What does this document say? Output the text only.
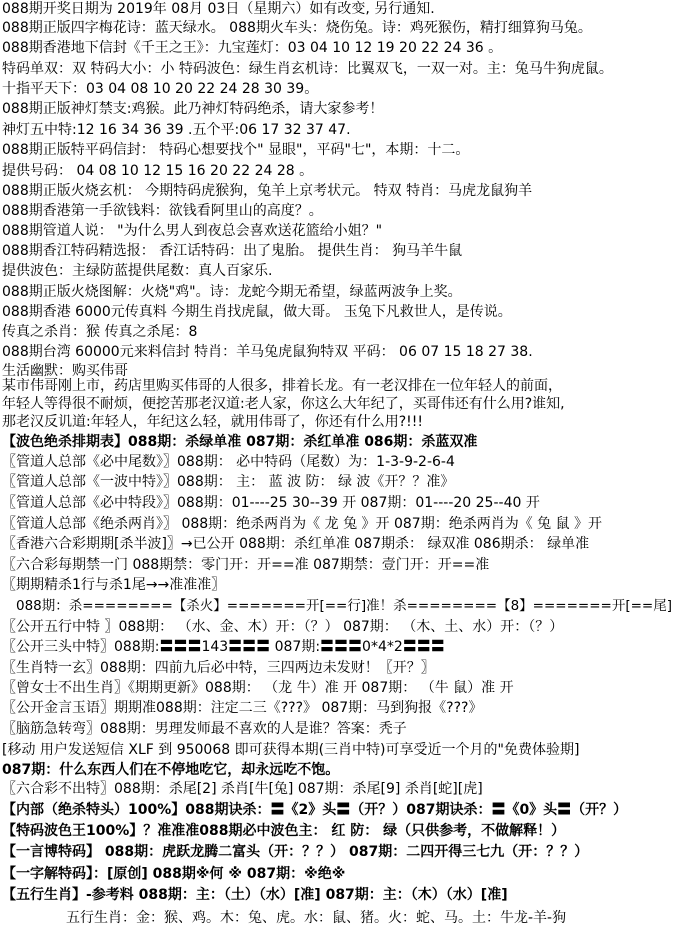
088期开奖日期为 2019年 08月 03日（星期六）如有改变, 另行通知.
088期正版四字梅花诗：蓝天绿水。 088期火车头：烧伤兔。诗：鸡死猴伤，精打细算狗马兔。
088期香港地下信封《千王之王》：九宝莲灯：03 04 10 12 19 20 22 24 36 。
特码单双：双 特码大小：小 特码波色：绿生肖玄机诗：比翼双飞，一双一对。主：兔马牛狗虎鼠。
十指平天下：03 04 08 10 20 22 24 28 30 39。
088期正版神灯禁支:鸡猴。此乃神灯特码绝杀，请大家参考！
神灯五中特:12 16 34 36 39 .五个平:06 17 32 37 47.
088期正版特平码信封： 特码心想要找个" 显眼"，平码"七"，本期：十二。
提供号码： 04 08 10 12 15 16 20 22 24 28 。
088期正版火烧玄机： 今期特码虎猴狗，兔羊上京考状元。 特双 特肖：马虎龙鼠狗羊
088期香港第一手欲钱料：欲钱看阿里山的高度？。
088期管道人说： "为什么男人到夜总会喜欢送花篮给小姐？"
088期香江特码精选报： 香江话特码：出了鬼胎。 提供生肖： 狗马羊牛鼠
提供波色：主绿防蓝提供尾数：真人百家乐.
088期正版火烧图解：火烧"鸡"。诗：龙蛇今期无希望，绿蓝两波争上奖。
088期香港 6000元传真料 今期生肖找虎鼠，做大哥。 玉兔下凡救世人，是传说。
传真之杀肖：猴 传真之杀尾：8
088期台湾 60000元来料信封 特肖：羊马兔虎鼠狗特双 平码： 06 07 15 18 27 38.
生活幽默：购买伟哥
某市伟哥刚上市，药店里购买伟哥的人很多，排着长龙。有一老汉排在一位年轻人的前面，
年轻人等得很不耐烦，便挖苦那老汉道:老人家，你这么大年纪了，买哥伟还有什么用?谁知,
那老汉反讥道:年轻人，年纪这么轻，就用伟哥了，你还有什么用?!!!
【波色绝杀排期表】088期：杀绿单准 087期：杀红单准 086期：杀蓝双准
〖管道人总部《必中尾数》〗088期： 必中特码（尾数）为：1-3-9-2-6-4
〖管道人总部《一波中特》〗088期： 主： 蓝 波 防： 绿 波《开？？准》
〖管道人总部《必中特段》〗088期：01----25 30--39 开 087期：01----20 25--40 开
〖管道人总部《绝杀两肖》〗 088期：绝杀两肖为《 龙 兔 》开 087期：绝杀两肖为《 兔 鼠 》开
〖香港六合彩期期[杀半波]〗→已公开 088期：杀红单准 087期杀： 绿双准 086期杀： 绿单准
〖六合彩每期禁一门 088期禁：零门开：开==准 087期禁：壹门开：开==准
〖期期精杀1行与杀1尾→→准准准〗
088期：杀========【杀火】=======开[==行]准！杀========【8】=======开[==尾]
〖公开五行中特 〗088期： （水、金、木）开：（？） 087期： （木、土、水）开：（？）
〖公开三头中特〗088期:〓〓〓143〓〓〓 087期:〓〓〓0*4*2〓〓〓
〖生肖特一玄〗088期：四前九后必中特，三四两边未发财！〖开？〗
〖曾女士不出生肖〗《期期更新》088期： （龙 牛）准 开 087期： （牛 鼠）准 开
〖公开金言玉语〗期期准088期：注定二三《???》 087期：马到狗报《???》
〖脑筋急转弯〗088期：男理发师最不喜欢的人是谁？答案：秃子
[移动 用户发送短信 XLF 到 950068 即可获得本期(三肖中特)可享受近一个月的"免费体验期]
087期：什么东西人们在不停地吃它，却永远吃不饱。
〖六合彩不出特〗088期：杀尾[2] 杀肖[牛[兔] 087期：杀尾[9] 杀肖[蛇][虎]
【内部（绝杀特头）100%】088期诀杀：〓《2》头〓（开？）087期诀杀：〓《0》头〓（开？）
【特码波色王100%】？准准准088期必中波色主： 红 防： 绿（只供参考，不做解释！）
【一言博特码】 088期：虎跃龙腾二富头（开：？？） 087期：二四开得三七九（开：？？）
【一字解特码】：[原创] 088期※何 ※ 087期：※绝※
【五行生肖】-参考料 088期：主：（土）（水）[准] 087期：主：（木）（水）[准]
五行生肖：金：猴、鸡。木：兔、虎。水：鼠、猪。火：蛇、马。土：牛龙-羊-狗
